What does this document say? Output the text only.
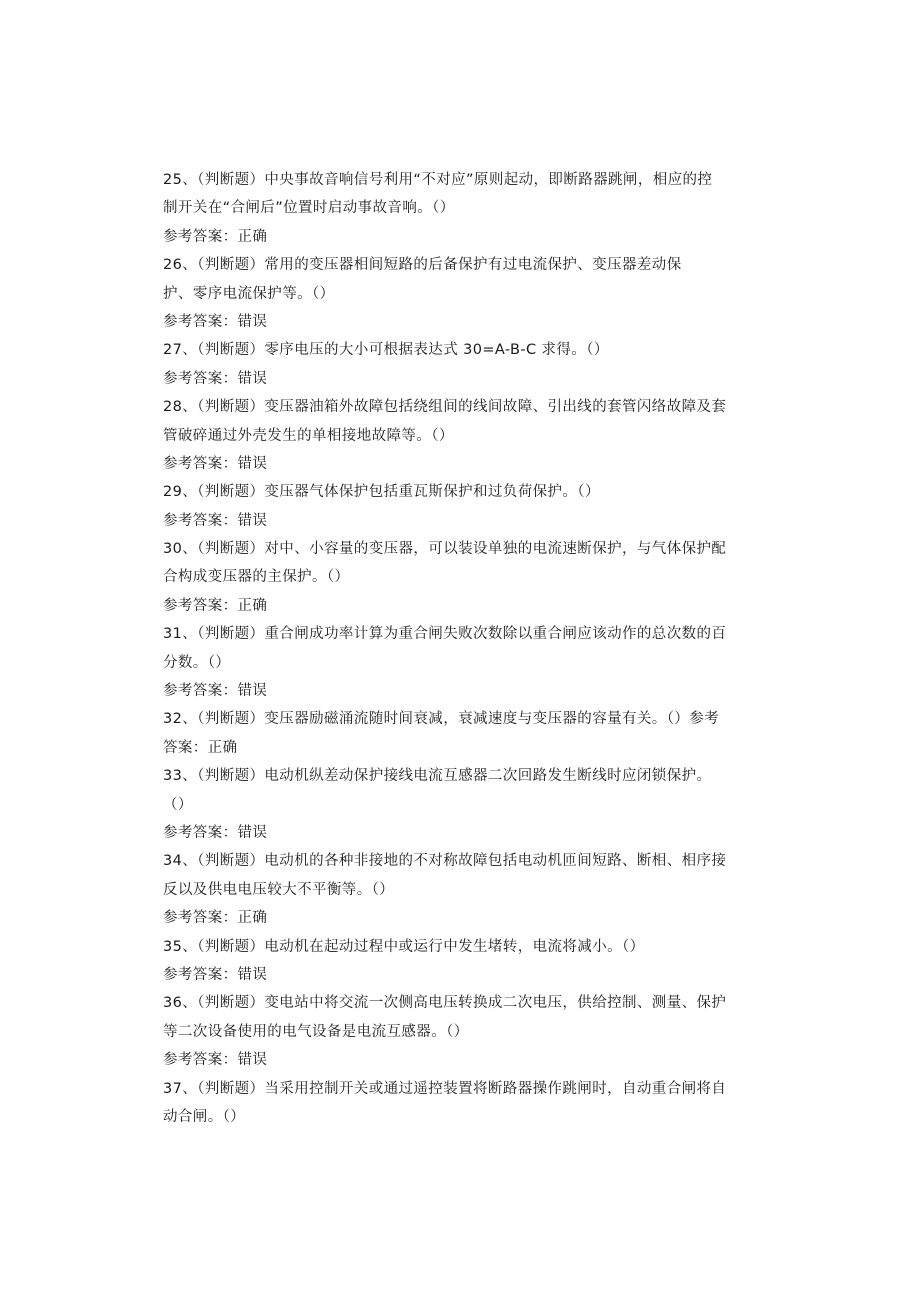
25、（判断题）中央事故音响信号利用“不对应”原则起动，即断路器跳闸，相应的控
制开关在“合闸后”位置时启动事故音响。（）
参考答案：正确
26、（判断题）常用的变压器相间短路的后备保护有过电流保护、变压器差动保
护、零序电流保护等。（）
参考答案：错误
27、（判断题）零序电压的大小可根据表达式 30=A-B-C 求得。（）
参考答案：错误
28、（判断题）变压器油箱外故障包括绕组间的线间故障、引出线的套管闪络故障及套
管破碎通过外壳发生的单相接地故障等。（）
参考答案：错误
29、（判断题）变压器气体保护包括重瓦斯保护和过负荷保护。（）
参考答案：错误
30、（判断题）对中、小容量的变压器，可以装设单独的电流速断保护，与气体保护配
合构成变压器的主保护。（）
参考答案：正确
31、（判断题）重合闸成功率计算为重合闸失败次数除以重合闸应该动作的总次数的百
分数。（）
参考答案：错误
32、（判断题）变压器励磁涌流随时间衰减，衰减速度与变压器的容量有关。（）参考
答案：正确
33、（判断题）电动机纵差动保护接线电流互感器二次回路发生断线时应闭锁保护。
（）
参考答案：错误
34、（判断题）电动机的各种非接地的不对称故障包括电动机匝间短路、断相、相序接
反以及供电电压较大不平衡等。（）
参考答案：正确
35、（判断题）电动机在起动过程中或运行中发生堵转，电流将减小。（）
参考答案：错误
36、（判断题）变电站中将交流一次侧高电压转换成二次电压，供给控制、测量、保护
等二次设备使用的电气设备是电流互感器。（）
参考答案：错误
37、（判断题）当采用控制开关或通过遥控装置将断路器操作跳闸时，自动重合闸将自
动合闸。（）
